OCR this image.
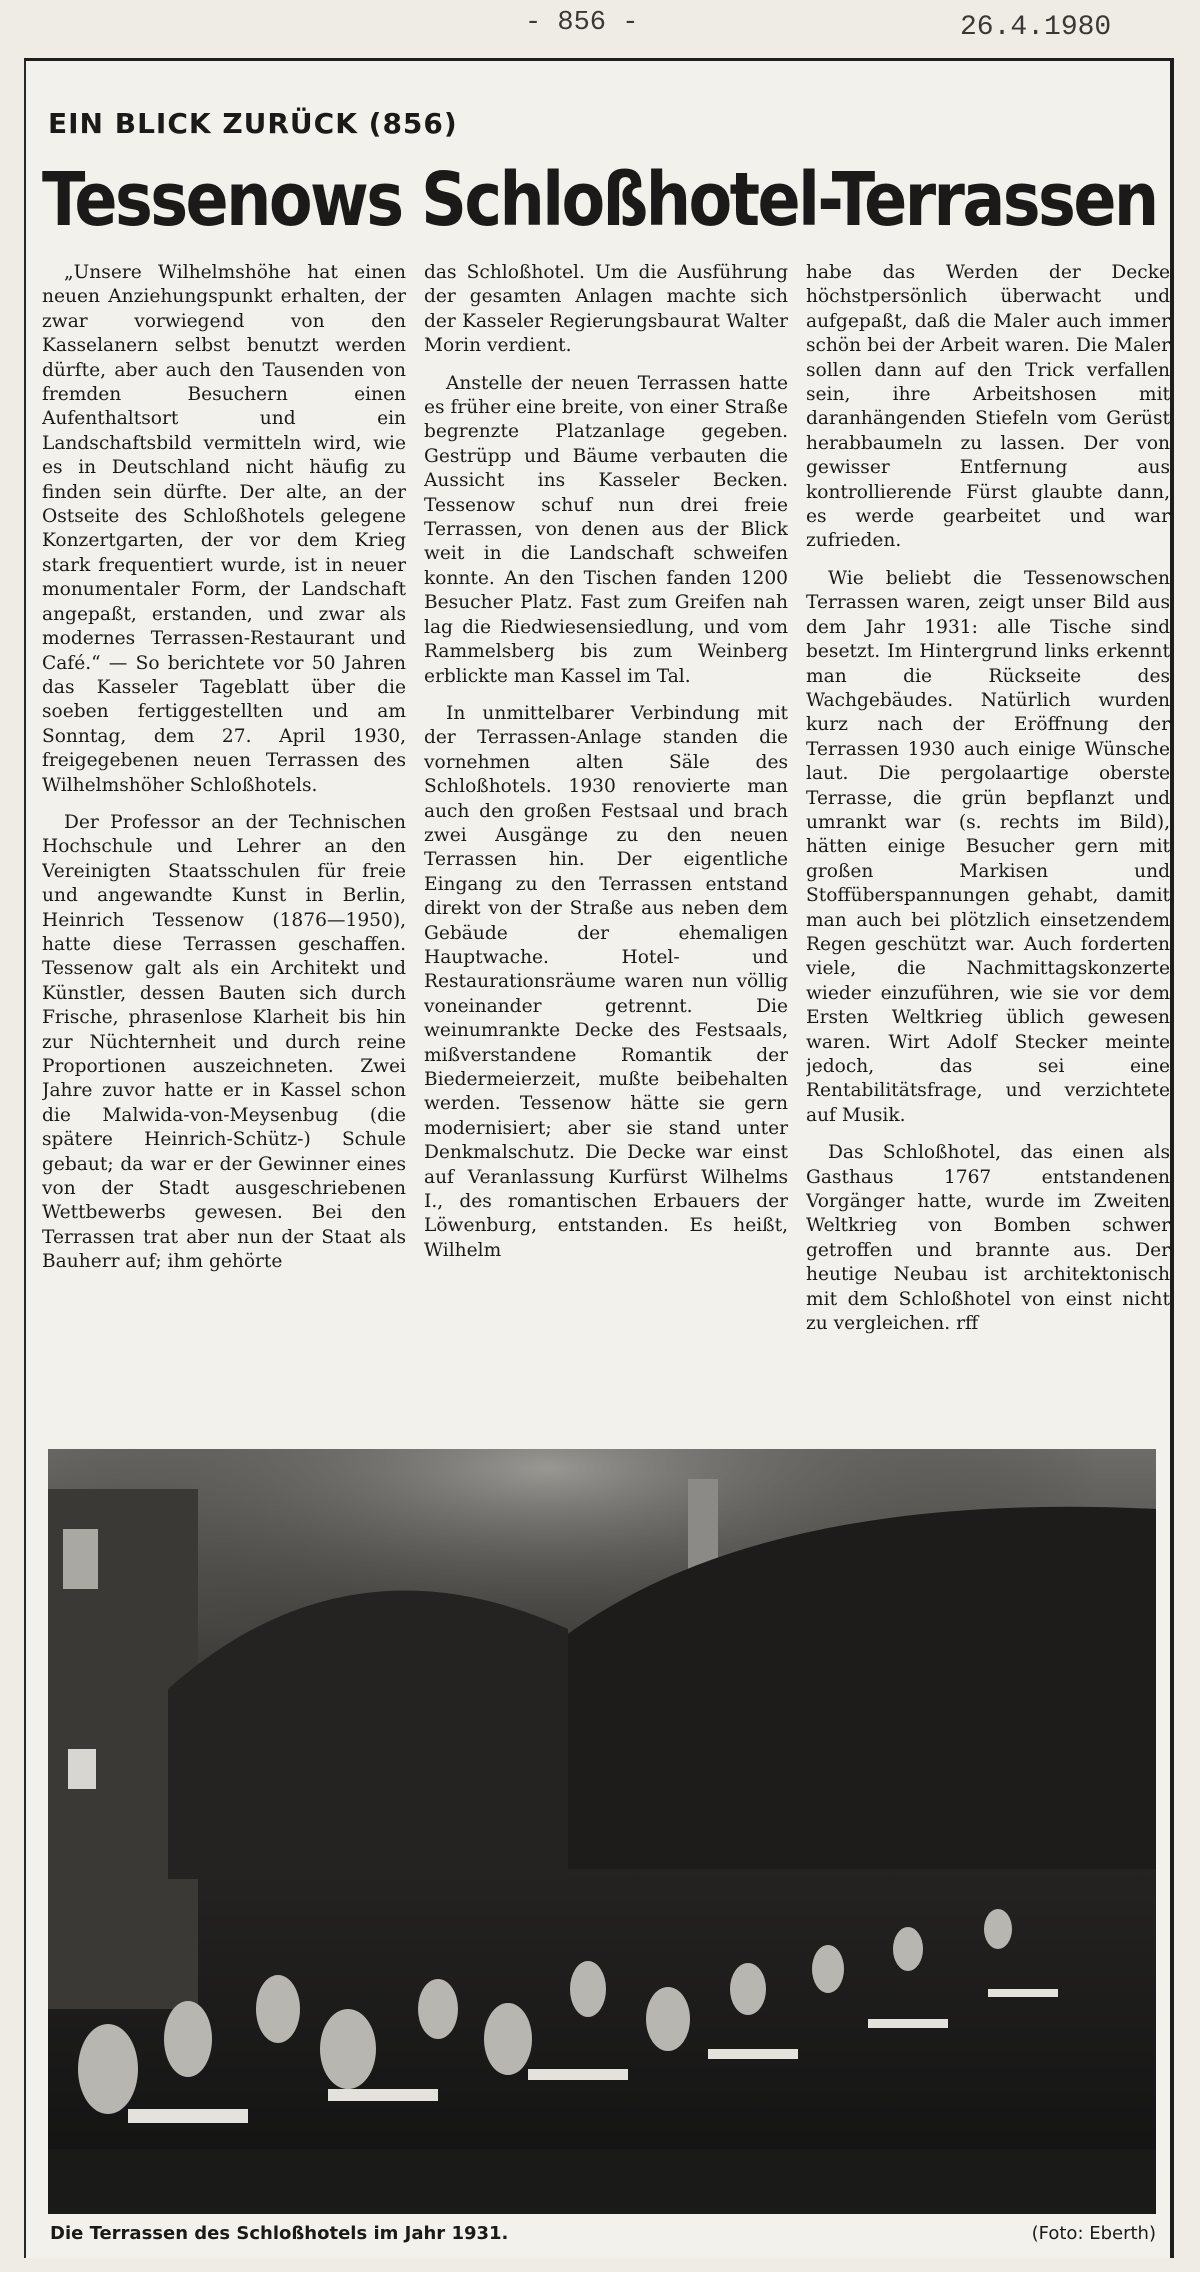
- 856 -	26.4.1980
EIN BLICK ZURÜCK (856)
Tessenows Schloßhotel-Terrassen

„Unsere Wilhelmshöhe hat einen neuen Anziehungspunkt erhalten, der zwar vorwiegend von den Kasselanern selbst benutzt werden dürfte, aber auch den Tausenden von fremden Besuchern einen Aufenthaltsort und ein Landschaftsbild vermitteln wird, wie es in Deutschland nicht häufig zu finden sein dürfte. Der alte, an der Ostseite des Schloßhotels gelegene Konzertgarten, der vor dem Krieg stark frequentiert wurde, ist in neuer monumentaler Form, der Landschaft angepaßt, erstanden, und zwar als modernes Terrassen-Restaurant und Café.“ — So berichtete vor 50 Jahren das Kasseler Tageblatt über die soeben fertiggestellten und am Sonntag, dem 27. April 1930, freigegebenen neuen Terrassen des Wilhelmshöher Schloßhotels.

Der Professor an der Technischen Hochschule und Lehrer an den Vereinigten Staatsschulen für freie und angewandte Kunst in Berlin, Heinrich Tessenow (1876—1950), hatte diese Terrassen geschaffen. Tessenow galt als ein Architekt und Künstler, dessen Bauten sich durch Frische, phrasenlose Klarheit bis hin zur Nüchternheit und durch reine Proportionen auszeichneten. Zwei Jahre zuvor hatte er in Kassel schon die Malwida-von-Meysenbug (die spätere Heinrich-Schütz-) Schule gebaut; da war er der Gewinner eines von der Stadt ausgeschriebenen Wettbewerbs gewesen. Bei den Terrassen trat aber nun der Staat als Bauherr auf; ihm gehörte

das Schloßhotel. Um die Ausführung der gesamten Anlagen machte sich der Kasseler Regierungsbaurat Walter Morin verdient.

Anstelle der neuen Terrassen hatte es früher eine breite, von einer Straße begrenzte Platzanlage gegeben. Gestrüpp und Bäume verbauten die Aussicht ins Kasseler Becken. Tessenow schuf nun drei freie Terrassen, von denen aus der Blick weit in die Landschaft schweifen konnte. An den Tischen fanden 1200 Besucher Platz. Fast zum Greifen nah lag die Riedwiesensiedlung, und vom Rammelsberg bis zum Weinberg erblickte man Kassel im Tal.

In unmittelbarer Verbindung mit der Terrassen-Anlage standen die vornehmen alten Säle des Schloßhotels. 1930 renovierte man auch den großen Festsaal und brach zwei Ausgänge zu den neuen Terrassen hin. Der eigentliche Eingang zu den Terrassen entstand direkt von der Straße aus neben dem Gebäude der ehemaligen Hauptwache. Hotel- und Restaurationsräume waren nun völlig voneinander getrennt. Die weinumrankte Decke des Festsaals, mißverstandene Romantik der Biedermeierzeit, mußte beibehalten werden. Tessenow hätte sie gern modernisiert; aber sie stand unter Denkmalschutz. Die Decke war einst auf Veranlassung Kurfürst Wilhelms I., des romantischen Erbauers der Löwenburg, entstanden. Es heißt, Wilhelm

habe das Werden der Decke höchstpersönlich überwacht und aufgepaßt, daß die Maler auch immer schön bei der Arbeit waren. Die Maler sollen dann auf den Trick verfallen sein, ihre Arbeitshosen mit daranhängenden Stiefeln vom Gerüst herabbaumeln zu lassen. Der von gewisser Entfernung aus kontrollierende Fürst glaubte dann, es werde gearbeitet und war zufrieden.

Wie beliebt die Tessenowschen Terrassen waren, zeigt unser Bild aus dem Jahr 1931: alle Tische sind besetzt. Im Hintergrund links erkennt man die Rückseite des Wachgebäudes. Natürlich wurden kurz nach der Eröffnung der Terrassen 1930 auch einige Wünsche laut. Die pergolaartige oberste Terrasse, die grün bepflanzt und umrankt war (s. rechts im Bild), hätten einige Besucher gern mit großen Markisen und Stoffüberspannungen gehabt, damit man auch bei plötzlich einsetzendem Regen geschützt war. Auch forderten viele, die Nachmittagskonzerte wieder einzuführen, wie sie vor dem Ersten Weltkrieg üblich gewesen waren. Wirt Adolf Stecker meinte jedoch, das sei eine Rentabilitätsfrage, und verzichtete auf Musik.

Das Schloßhotel, das einen als Gasthaus 1767 entstandenen Vorgänger hatte, wurde im Zweiten Weltkrieg von Bomben schwer getroffen und brannte aus. Der heutige Neubau ist architektonisch mit dem Schloßhotel von einst nicht zu vergleichen. rff

Die Terrassen des Schloßhotels im Jahr 1931.	(Foto: Eberth)
